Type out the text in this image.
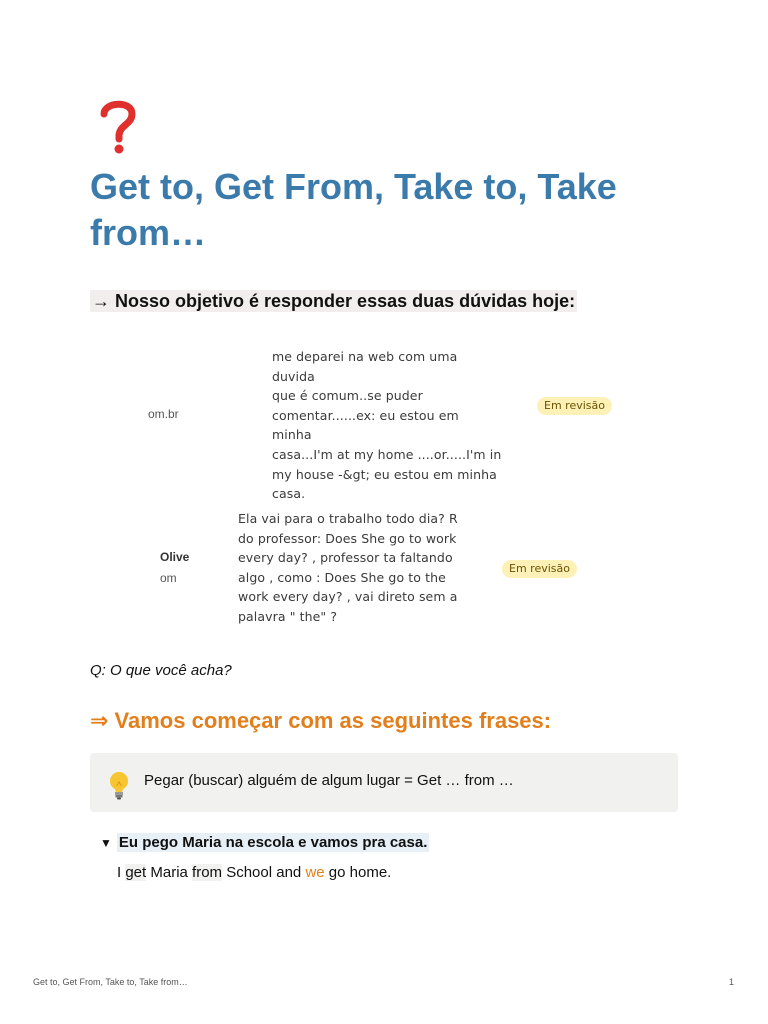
Get to, Get From, Take to, Take from…

→ Nosso objetivo é responder essas duas dúvidas hoje:

om.br
me deparei na web com uma duvida
que é comum..se puder
comentar......ex: eu estou em minha
casa...I'm at my home ....or.....I'm in
my house -&gt; eu estou em minha
casa.
Em revisão
Olive
om
Ela vai para o trabalho todo dia? R
do professor: Does She go to work
every day? , professor ta faltando
algo , como : Does She go to the
work every day? , vai direto sem a
palavra " the" ?
Em revisão

Q: O que você acha?

⇒ Vamos começar com as seguintes frases:
Pegar (buscar) alguém de algum lugar = Get … from …
▼ Eu pego Maria na escola e vamos pra casa.
I get Maria from School and we go home.
Get to, Get From, Take to, Take from…	1
